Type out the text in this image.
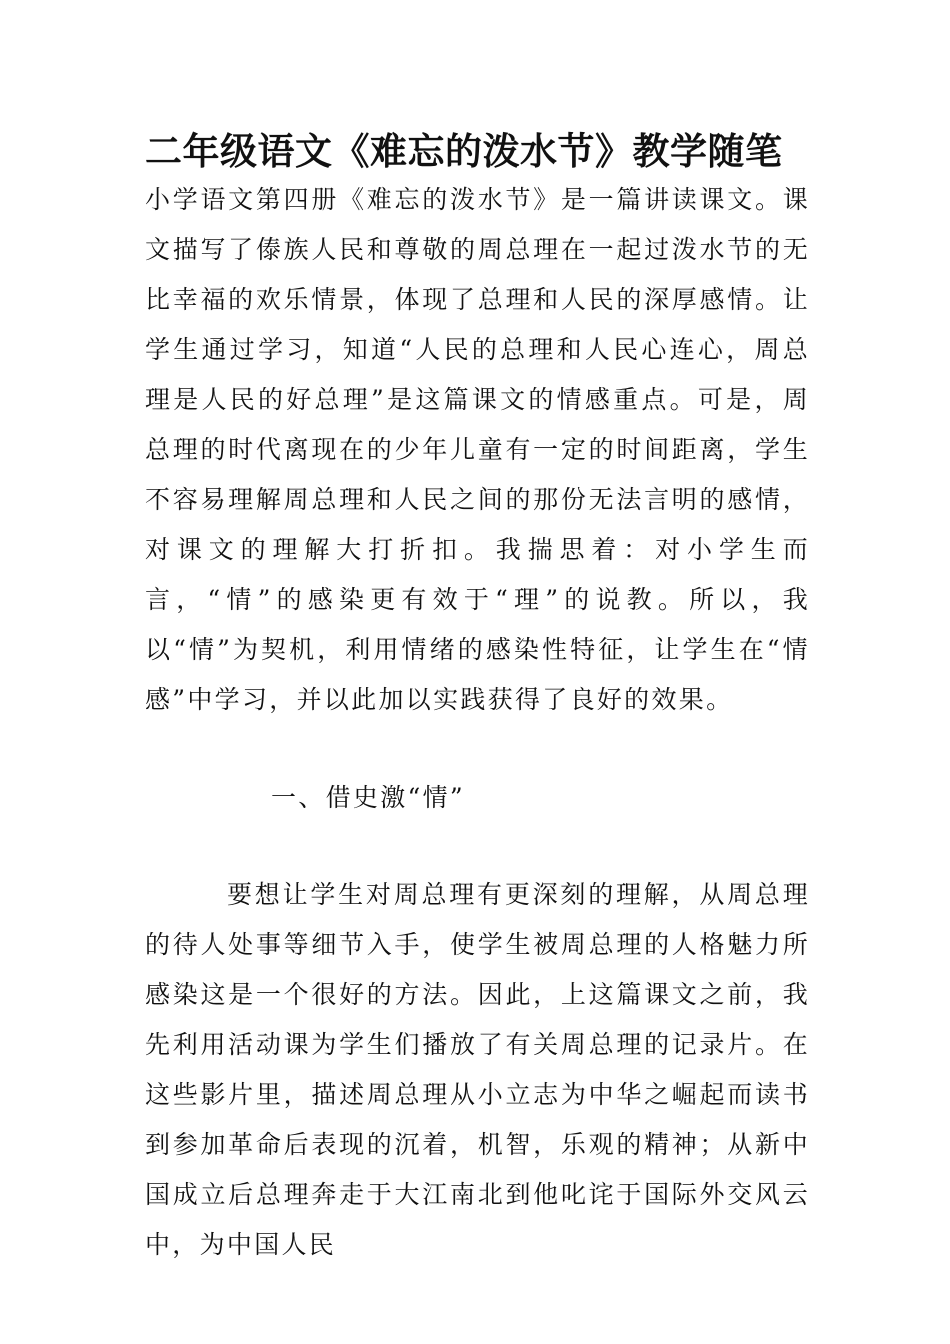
二年级语文《难忘的泼水节》教学随笔

小学语文第四册《难忘的泼水节》是一篇讲读课文。课文描写了傣族人民和尊敬的周总理在一起过泼水节的无比幸福的欢乐情景，体现了总理和人民的深厚感情。让学生通过学习，知道“人民的总理和人民心连心，周总理是人民的好总理”是这篇课文的情感重点。可是，周总理的时代离现在的少年儿童有一定的时间距离，学生不容易理解周总理和人民之间的那份无法言明的感情，对课文的理解大打折扣。我揣思着：对小学生而言，“情”的感染更有效于“理”的说教。所以，我以“情”为契机，利用情绪的感染性特征，让学生在“情感”中学习，并以此加以实践获得了良好的效果。

一、借史激“情”

要想让学生对周总理有更深刻的理解，从周总理的待人处事等细节入手，使学生被周总理的人格魅力所感染这是一个很好的方法。因此，上这篇课文之前，我先利用活动课为学生们播放了有关周总理的记录片。在这些影片里，描述周总理从小立志为中华之崛起而读书到参加革命后表现的沉着，机智，乐观的精神；从新中国成立后总理奔走于大江南北到他叱诧于国际外交风云中，为中国人民
